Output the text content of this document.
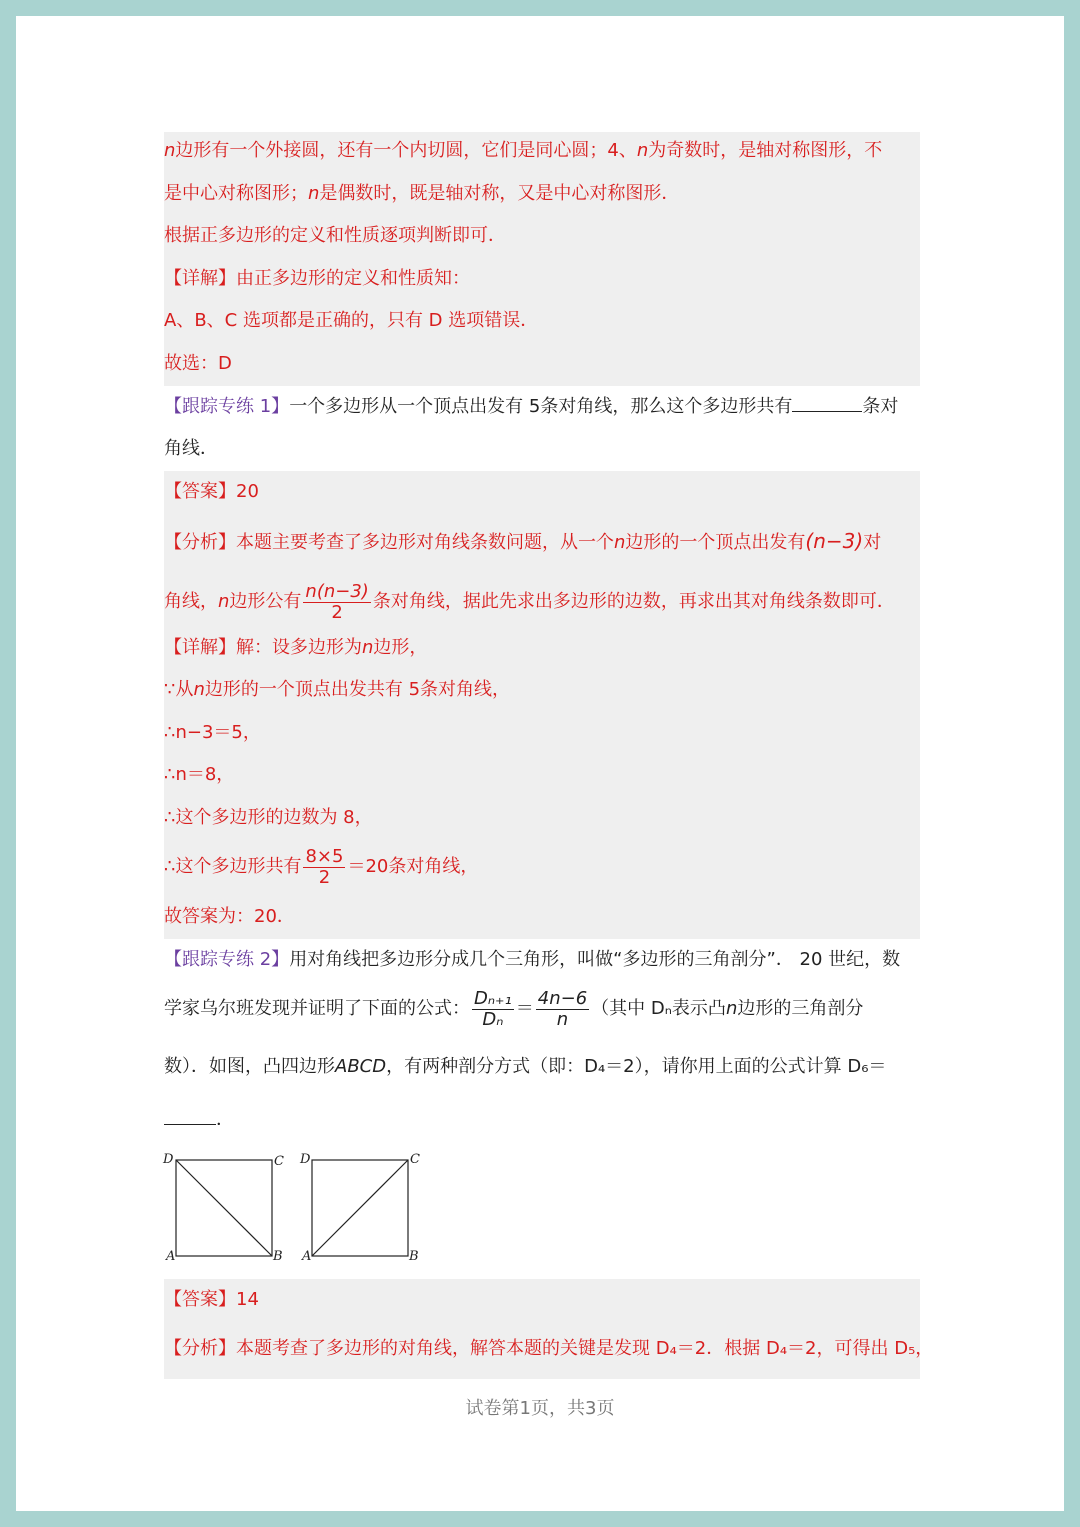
n边形有一个外接圆，还有一个内切圆，它们是同心圆；4、n为奇数时，是轴对称图形，不
是中心对称图形；n是偶数时，既是轴对称，又是中心对称图形．
根据正多边形的定义和性质逐项判断即可．
【详解】由正多边形的定义和性质知：
A、B、C 选项都是正确的，只有 D 选项错误．
故选：D
【跟踪专练 1】一个多边形从一个顶点出发有 5条对角线，那么这个多边形共有	条对
角线．
【答案】20
【分析】本题主要考查了多边形对角线条数问题，从一个n边形的一个顶点出发有(n−3)对
角线，n边形公有 $\frac{n(n-3)}{2}$ 条对角线，据此先求出多边形的边数，再求出其对角线条数即可．
【详解】解：设多边形为n边形，
∵从n边形的一个顶点出发共有 5条对角线，
∴n−3＝5，
∴n＝8，
∴这个多边形的边数为 8，
∴这个多边形共有 $\frac{8\times 5}{2} =20$条对角线，
故答案为：20．
【跟踪专练 2】用对角线把多边形分成几个三角形，叫做“多边形的三角剖分”． 20 世纪，数
学家乌尔班发现并证明了下面的公式： $\frac{\text{Dₙ₊₁}}{\text{Dₙ}} = \frac{4n-6}{n}$ （其中 Dₙ表示凸n边形的三角剖分
数）．如图，凸四边形ABCD，有两种剖分方式（即：D₄＝2），请你用上面的公式计算 D₆＝
．
D	C
A	B
D	C
A	B
【答案】14
【分析】本题考查了多边形的对角线，解答本题的关键是发现 D₄＝2．根据 D₄＝2，可得出 D₅，
试卷第1页，共3页
